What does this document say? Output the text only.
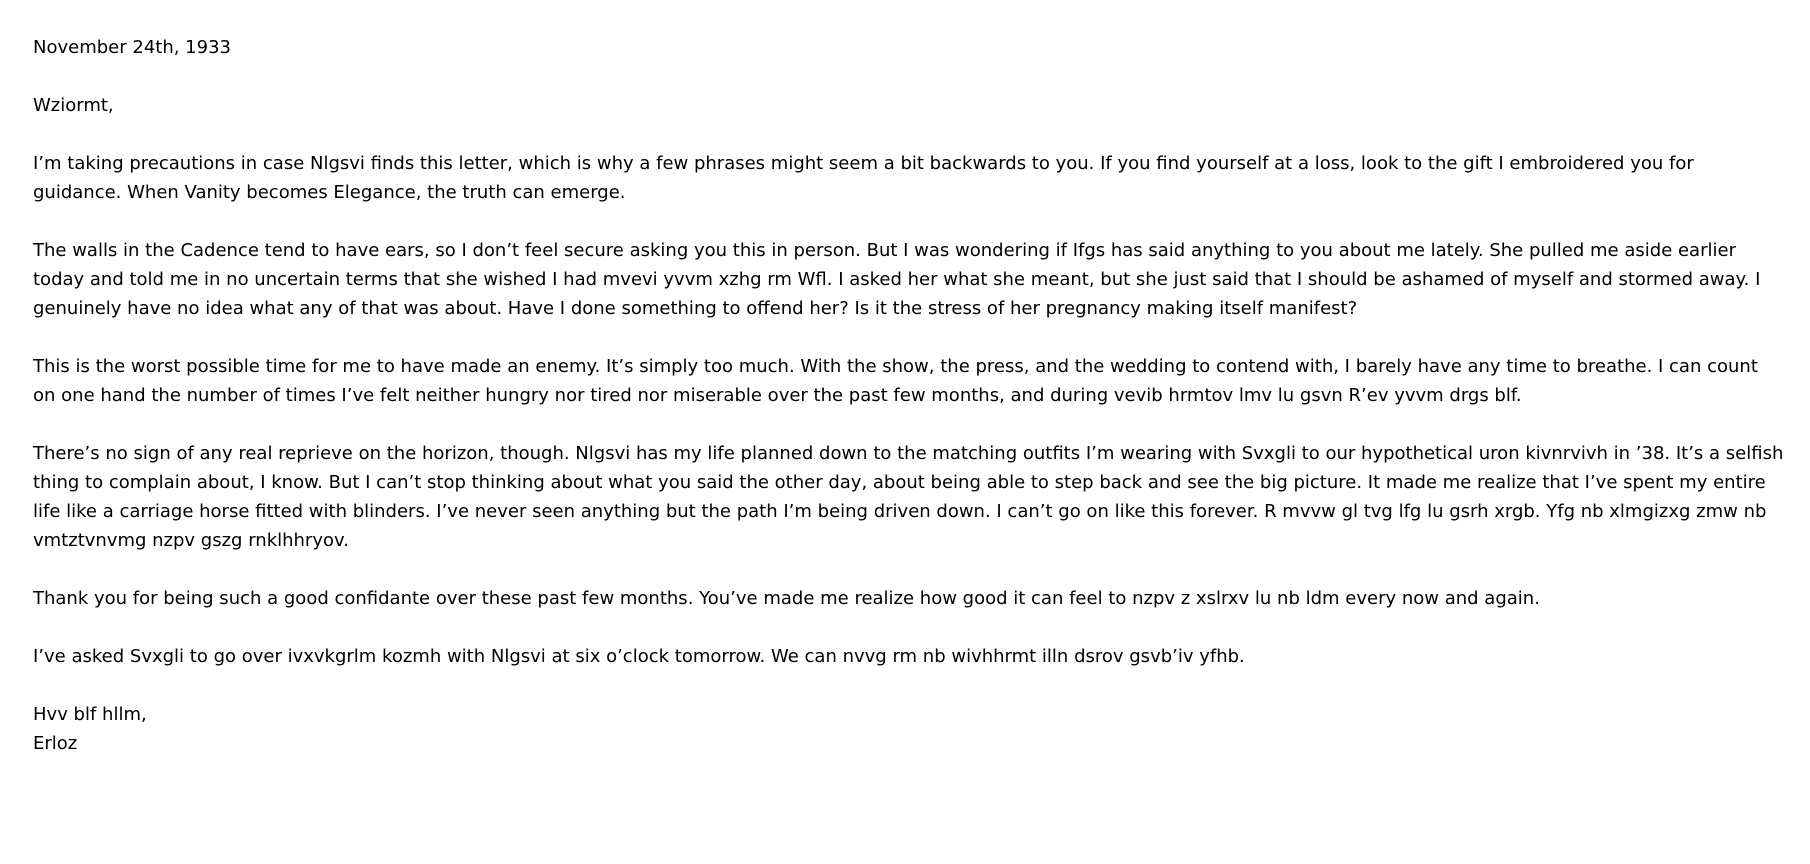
November 24th, 1933

Wziormt,

I’m taking precautions in case Nlgsvi finds this letter, which is why a few phrases might seem a bit backwards to you. If you find yourself at a loss, look to the gift I embroidered you for guidance. When Vanity becomes Elegance, the truth can emerge.

The walls in the Cadence tend to have ears, so I don’t feel secure asking you this in person. But I was wondering if Ifgs has said anything to you about me lately. She pulled me aside earlier today and told me in no uncertain terms that she wished I had mvevi yvvm xzhg rm Wfl. I asked her what she meant, but she just said that I should be ashamed of myself and stormed away. I genuinely have no idea what any of that was about. Have I done something to offend her? Is it the stress of her pregnancy making itself manifest?

This is the worst possible time for me to have made an enemy. It’s simply too much. With the show, the press, and the wedding to contend with, I barely have any time to breathe. I can count on one hand the number of times I’ve felt neither hungry nor tired nor miserable over the past few months, and during vevib hrmtov lmv lu gsvn R’ev yvvm drgs blf.

There’s no sign of any real reprieve on the horizon, though. Nlgsvi has my life planned down to the matching outfits I’m wearing with Svxgli to our hypothetical uron kivnrvivh in ’38. It’s a selfish thing to complain about, I know. But I can’t stop thinking about what you said the other day, about being able to step back and see the big picture. It made me realize that I’ve spent my entire life like a carriage horse fitted with blinders. I’ve never seen anything but the path I’m being driven down. I can’t go on like this forever. R mvvw gl tvg lfg lu gsrh xrgb. Yfg nb xlmgizxg zmw nb vmtztvnvmg nzpv gszg rnklhhryov.

Thank you for being such a good confidante over these past few months. You’ve made me realize how good it can feel to nzpv z xslrxv lu nb ldm every now and again.

I’ve asked Svxgli to go over ivxvkgrlm kozmh with Nlgsvi at six o’clock tomorrow. We can nvvg rm nb wivhhrmt illn dsrov gsvb’iv yfhb.

Hvv blf hllm,

Erloz
